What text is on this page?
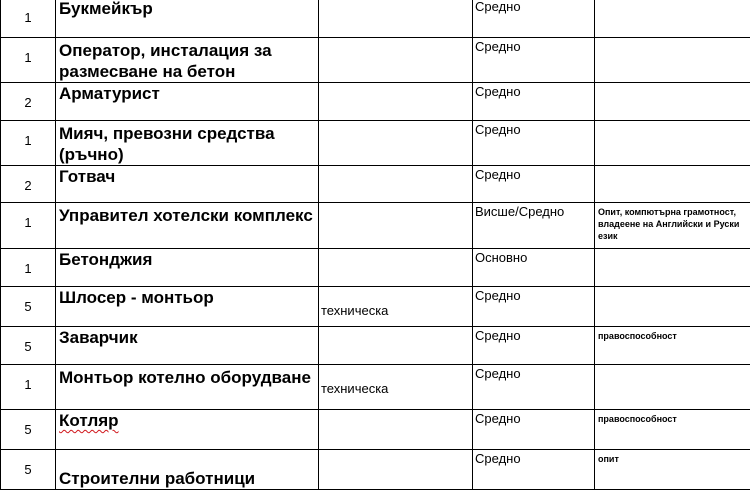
1	Букмейкър		Средно	

1	Оператор, инсталация за размесване на бетон		Средно	

2	Арматурист		Средно	

1	Мияч, превозни средства (ръчно)		Средно	

2	Готвач		Средно	

1	Управител хотелски комплекс		Висше/Средно	Опит, компютърна грамотност, владеене на Английски и Руски език

1	Бетонджия		Основно	

5	Шлосер - монтьор	техническа	Средно	

5	Заварчик		Средно	правоспособност

1	Монтьор котелно оборудване	техническа	Средно	

5	Котляр		Средно	правоспособност

5	Строителни работници		Средно	опит
